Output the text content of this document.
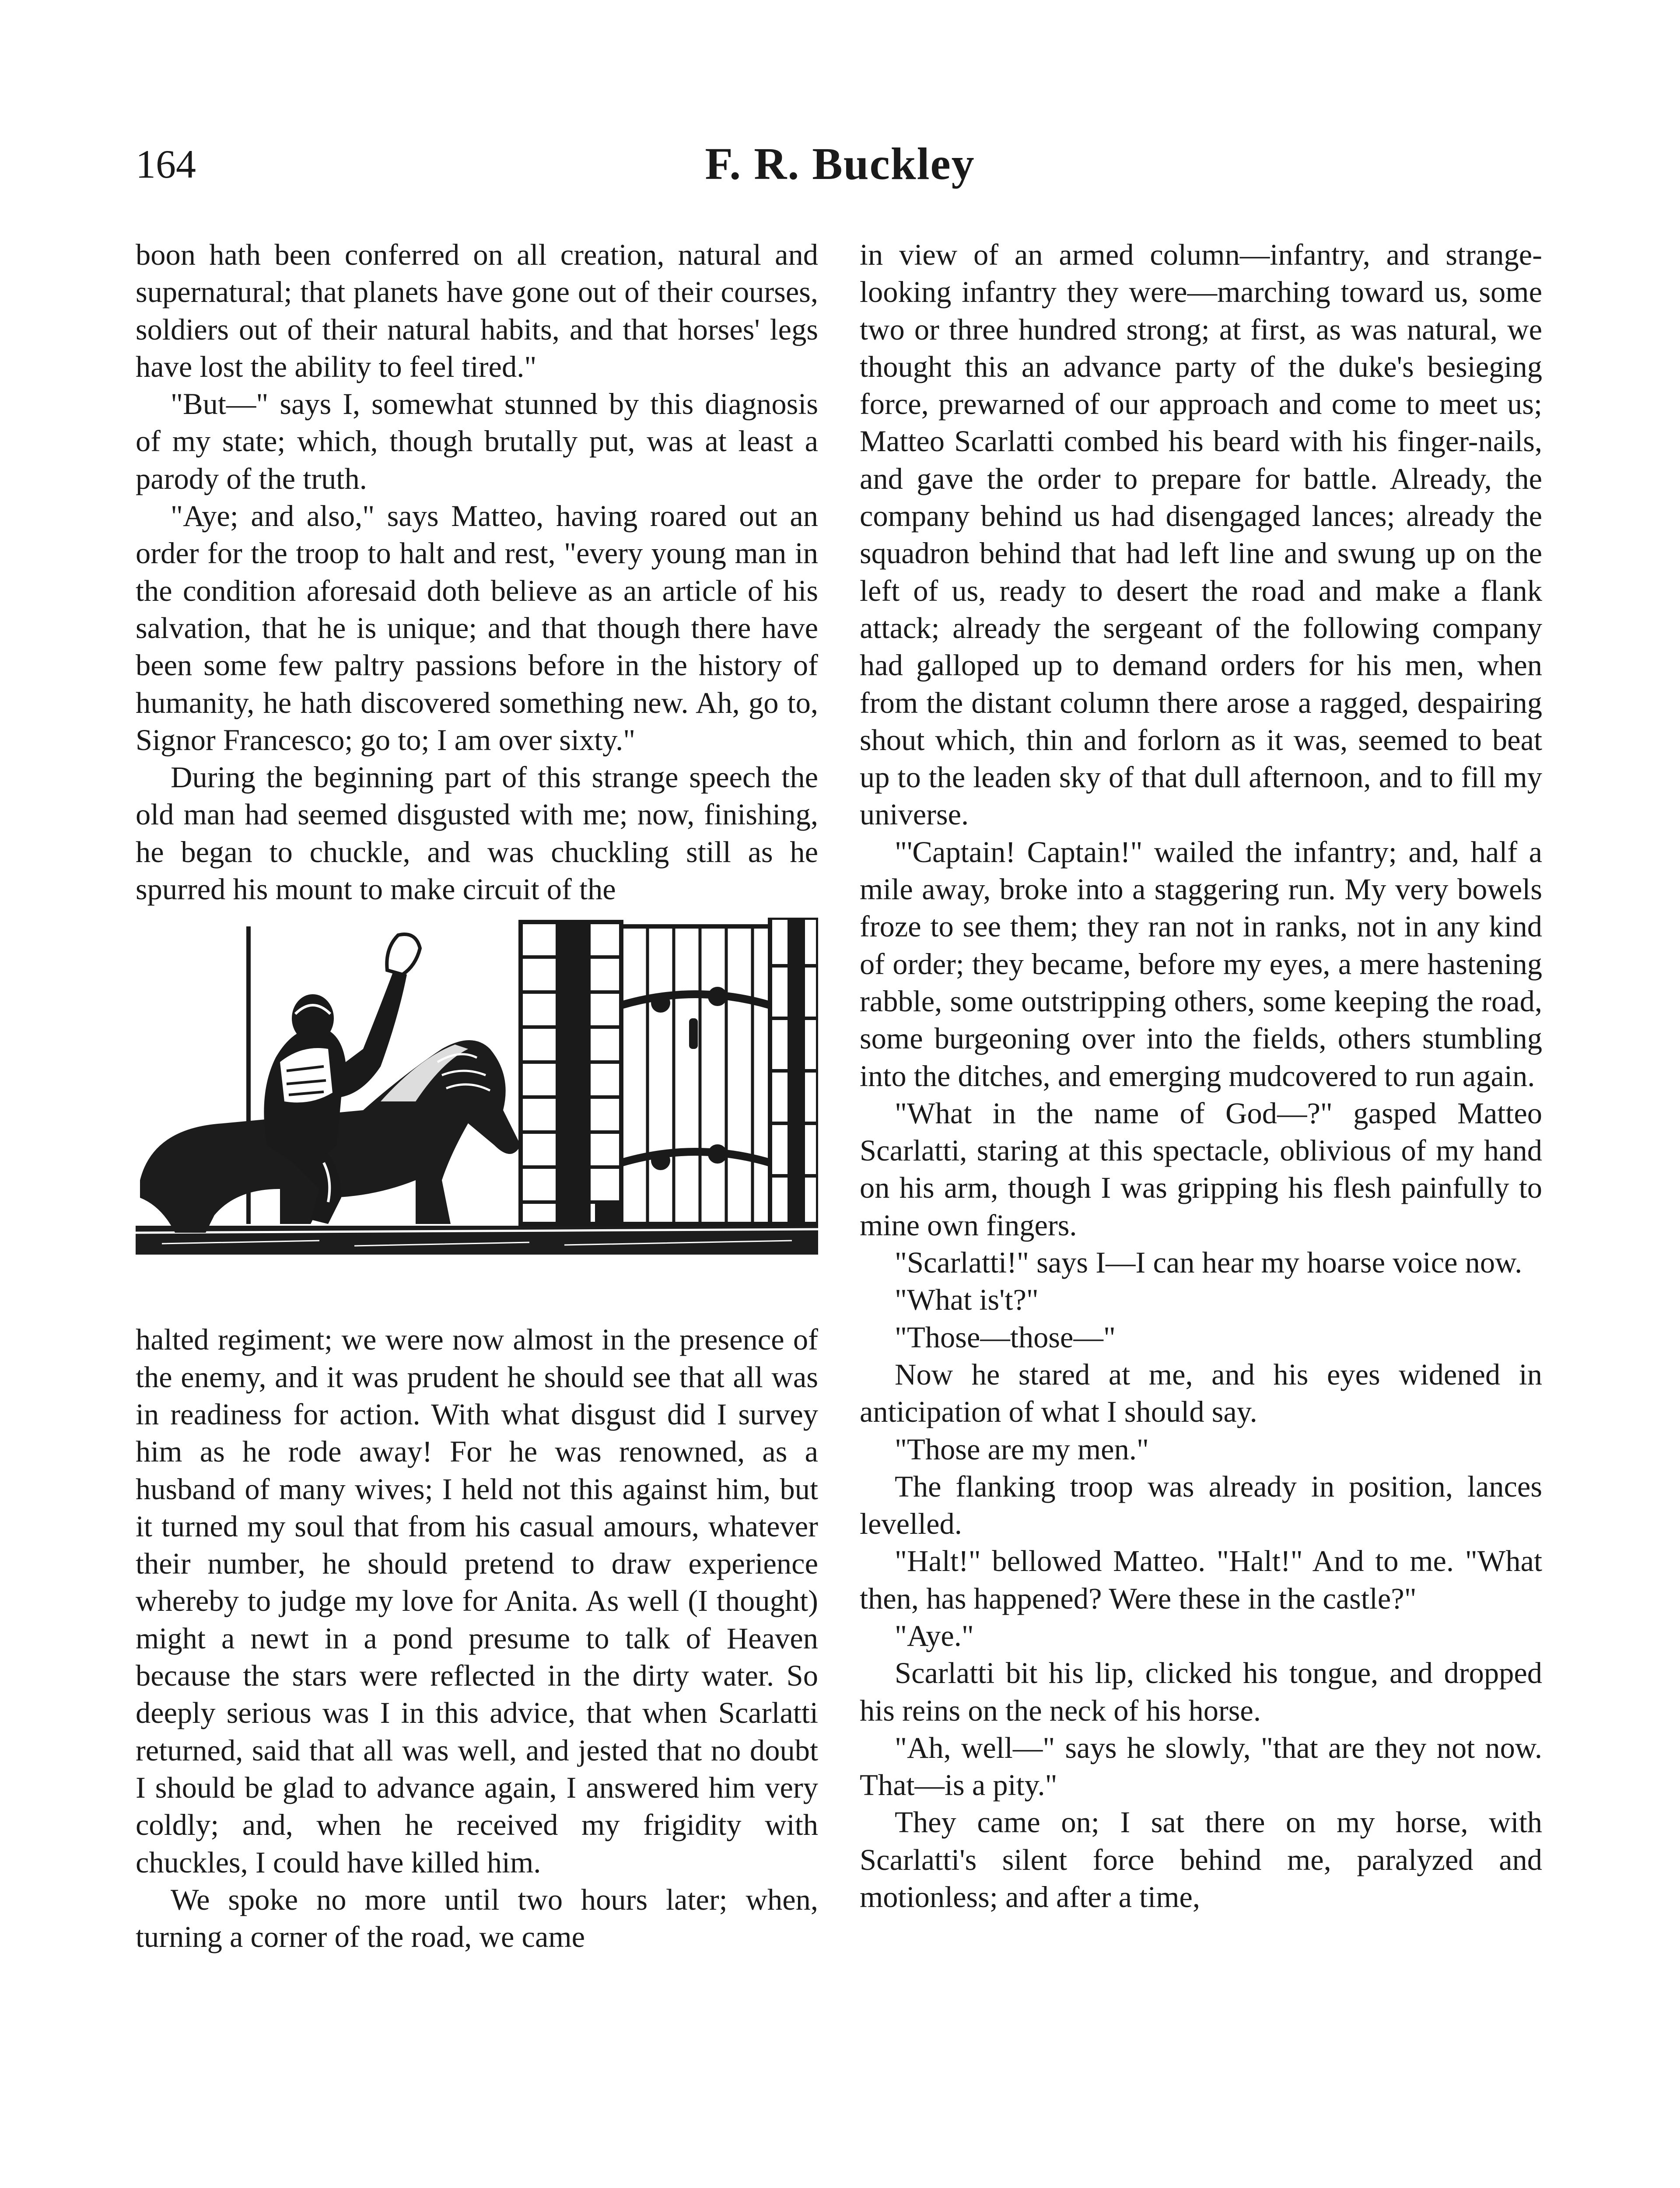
164	F. R. Buckley

boon hath been conferred on all creation, natural and supernatural; that planets have gone out of their courses, soldiers out of their natural habits, and that horses' legs have lost the ability to feel tired."

"But—" says I, somewhat stunned by this diagnosis of my state; which, though brutally put, was at least a parody of the truth.

"Aye; and also," says Matteo, having roared out an order for the troop to halt and rest, "every young man in the condition aforesaid doth believe as an article of his salvation, that he is unique; and that though there have been some few paltry passions before in the history of humanity, he hath discovered something new. Ah, go to, Signor Francesco; go to; I am over sixty."

During the beginning part of this strange speech the old man had seemed disgusted with me; now, finishing, he began to chuckle, and was chuckling still as he spurred his mount to make circuit of the

halted regiment; we were now almost in the presence of the enemy, and it was prudent he should see that all was in readiness for action. With what disgust did I survey him as he rode away! For he was renowned, as a husband of many wives; I held not this against him, but it turned my soul that from his casual amours, whatever their number, he should pretend to draw experience whereby to judge my love for Anita. As well (I thought) might a newt in a pond presume to talk of Heaven because the stars were reflected in the dirty water. So deeply serious was I in this advice, that when Scarlatti returned, said that all was well, and jested that no doubt I should be glad to advance again, I answered him very coldly; and, when he received my frigidity with chuckles, I could have killed him.

We spoke no more until two hours later; when, turning a corner of the road, we came

in view of an armed column—infantry, and strange-looking infantry they were—marching toward us, some two or three hundred strong; at first, as was natural, we thought this an advance party of the duke's besieging force, prewarned of our approach and come to meet us; Matteo Scarlatti combed his beard with his finger-nails, and gave the order to prepare for battle. Already, the company behind us had disengaged lances; already the squadron behind that had left line and swung up on the left of us, ready to desert the road and make a flank attack; already the sergeant of the following company had galloped up to demand orders for his men, when from the distant column there arose a ragged, despairing shout which, thin and forlorn as it was, seemed to beat up to the leaden sky of that dull afternoon, and to fill my universe.

"'Captain! Captain!" wailed the infantry; and, half a mile away, broke into a staggering run. My very bowels froze to see them; they ran not in ranks, not in any kind of order; they became, before my eyes, a mere hastening rabble, some outstripping others, some keeping the road, some burgeoning over into the fields, others stumbling into the ditches, and emerging mudcovered to run again.

"What in the name of God—?" gasped Matteo Scarlatti, staring at this spectacle, oblivious of my hand on his arm, though I was gripping his flesh painfully to mine own fingers.

"Scarlatti!" says I—I can hear my hoarse voice now.

"What is't?"

"Those—those—"

Now he stared at me, and his eyes widened in anticipation of what I should say.

"Those are my men."

The flanking troop was already in position, lances levelled.

"Halt!" bellowed Matteo. "Halt!" And to me. "What then, has happened? Were these in the castle?"

"Aye."

Scarlatti bit his lip, clicked his tongue, and dropped his reins on the neck of his horse.

"Ah, well—" says he slowly, "that are they not now. That—is a pity."

They came on; I sat there on my horse, with Scarlatti's silent force behind me, paralyzed and motionless; and after a time,
